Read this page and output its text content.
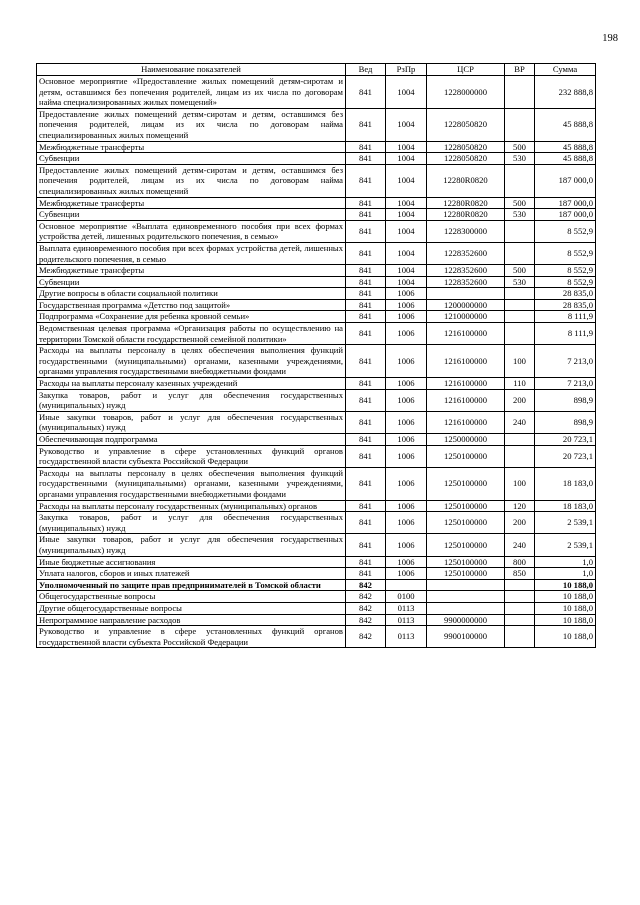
198
Наименование показателей	Вед	РзПр	ЦСР	ВР	Сумма
Основное мероприятие «Предоставление жилых помещений детям-сиротам и детям, оставшимся без попечения родителей, лицам из их числа по договорам найма специализированных жилых помещений»	841	1004	1228000000		232 888,8
Предоставление жилых помещений детям-сиротам и детям, оставшимся без попечения родителей, лицам из их числа по договорам найма специализированных жилых помещений	841	1004	1228050820		45 888,8
Межбюджетные трансферты	841	1004	1228050820	500	45 888,8
Субвенции	841	1004	1228050820	530	45 888,8
Предоставление жилых помещений детям-сиротам и детям, оставшимся без попечения родителей, лицам из их числа по договорам найма специализированных жилых помещений	841	1004	12280R0820		187 000,0
Межбюджетные трансферты	841	1004	12280R0820	500	187 000,0
Субвенции	841	1004	12280R0820	530	187 000,0
Основное мероприятие «Выплата единовременного пособия при всех формах устройства детей, лишенных родительского попечения, в семью»	841	1004	1228300000		8 552,9
Выплата единовременного пособия при всех формах устройства детей, лишенных родительского попечения, в семью	841	1004	1228352600		8 552,9
Межбюджетные трансферты	841	1004	1228352600	500	8 552,9
Субвенции	841	1004	1228352600	530	8 552,9
Другие вопросы в области социальной политики	841	1006			28 835,0
Государственная программа «Детство под защитой»	841	1006	1200000000		28 835,0
Подпрограмма «Сохранение для ребенка кровной семьи»	841	1006	1210000000		8 111,9
Ведомственная целевая программа «Организация работы по осуществлению на территории Томской области государственной семейной политики»	841	1006	1216100000		8 111,9
Расходы на выплаты персоналу в целях обеспечения выполнения функций государственными (муниципальными) органами, казенными учреждениями, органами управления государственными внебюджетными фондами	841	1006	1216100000	100	7 213,0
Расходы на выплаты персоналу казенных учреждений	841	1006	1216100000	110	7 213,0
Закупка товаров, работ и услуг для обеспечения государственных (муниципальных) нужд	841	1006	1216100000	200	898,9
Иные закупки товаров, работ и услуг для обеспечения государственных (муниципальных) нужд	841	1006	1216100000	240	898,9
Обеспечивающая подпрограмма	841	1006	1250000000		20 723,1
Руководство и управление в сфере установленных функций органов государственной власти субъекта Российской Федерации	841	1006	1250100000		20 723,1
Расходы на выплаты персоналу в целях обеспечения выполнения функций государственными (муниципальными) органами, казенными учреждениями, органами управления государственными внебюджетными фондами	841	1006	1250100000	100	18 183,0
Расходы на выплаты персоналу государственных (муниципальных) органов	841	1006	1250100000	120	18 183,0
Закупка товаров, работ и услуг для обеспечения государственных (муниципальных) нужд	841	1006	1250100000	200	2 539,1
Иные закупки товаров, работ и услуг для обеспечения государственных (муниципальных) нужд	841	1006	1250100000	240	2 539,1
Иные бюджетные ассигнования	841	1006	1250100000	800	1,0
Уплата налогов, сборов и иных платежей	841	1006	1250100000	850	1,0
Уполномоченный по защите прав предпринимателей в Томской области	842				10 188,0
Общегосударственные вопросы	842	0100			10 188,0
Другие общегосударственные вопросы	842	0113			10 188,0
Непрограммное направление расходов	842	0113	9900000000		10 188,0
Руководство и управление в сфере установленных функций органов государственной власти субъекта Российской Федерации	842	0113	9900100000		10 188,0
